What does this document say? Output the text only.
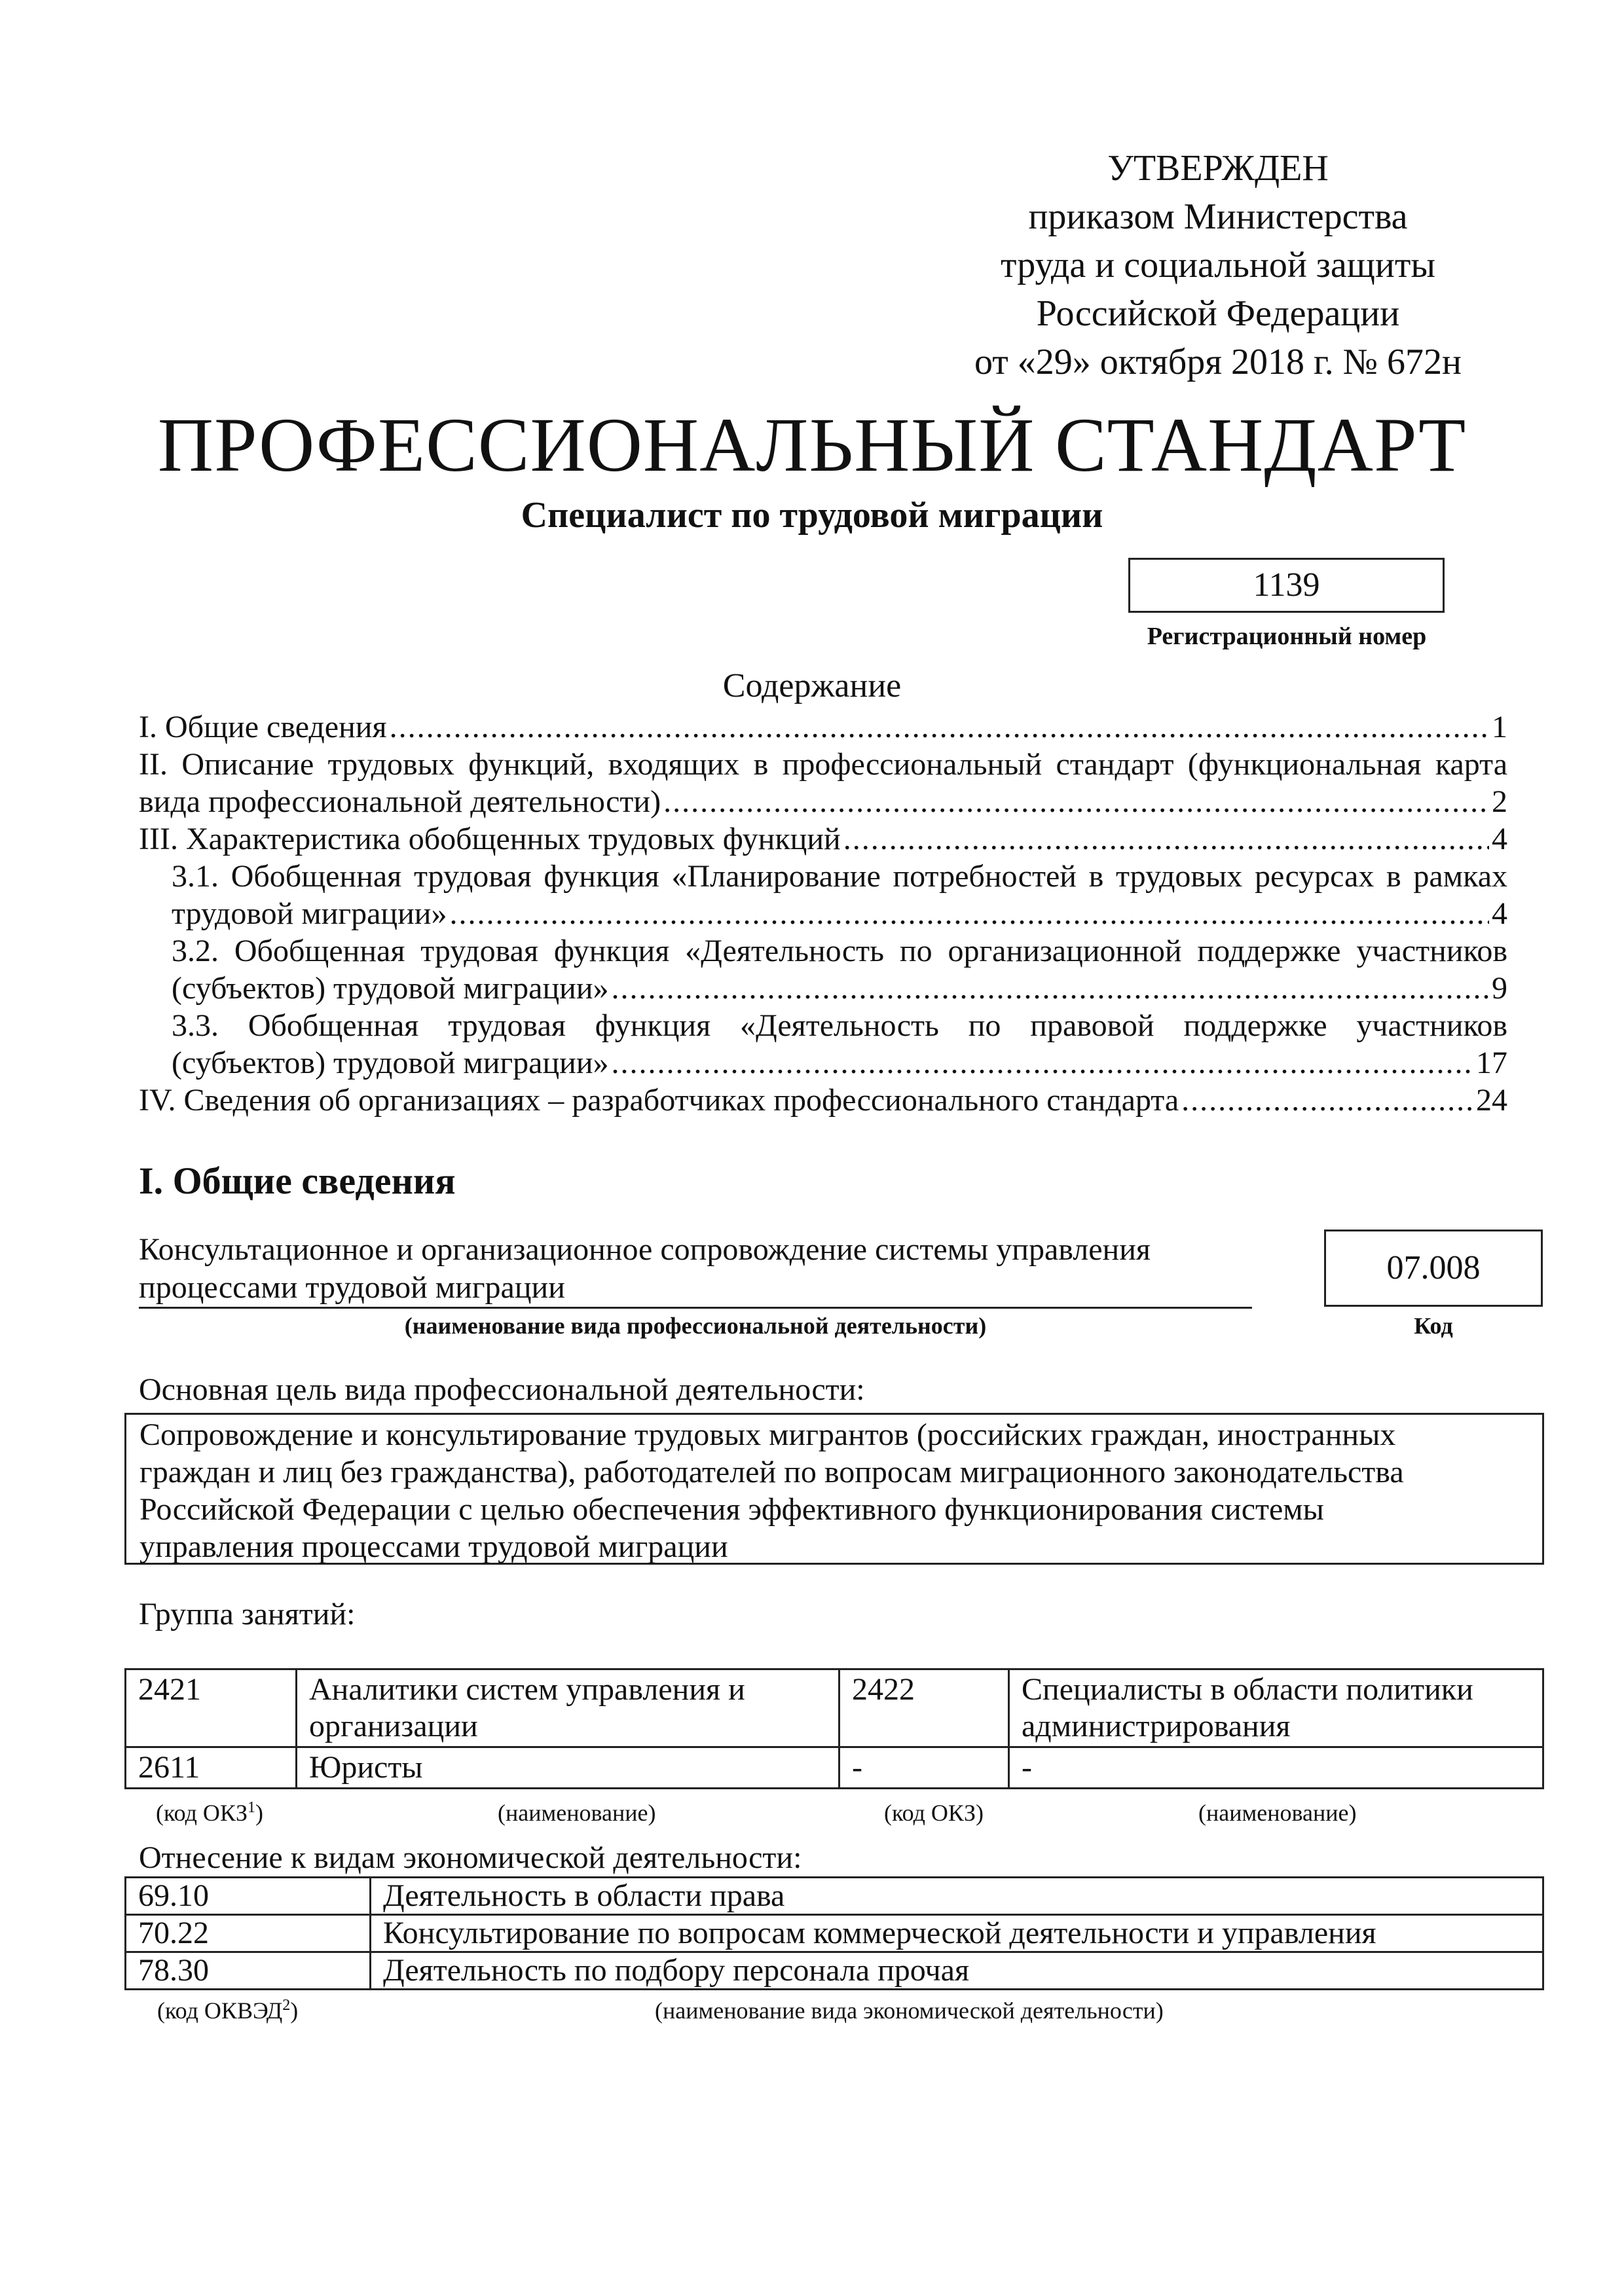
УТВЕРЖДЕН
приказом Министерства
труда и социальной защиты
Российской Федерации
от «29» октября 2018 г. № 672н
ПРОФЕССИОНАЛЬНЫЙ СТАНДАРТ
Специалист по трудовой миграции
1139
Регистрационный номер
Содержание
I. Общие сведения .....	1
II. Описание трудовых функций, входящих в профессиональный стандарт (функциональная карта
вида профессиональной деятельности) .....	2
III. Характеристика обобщенных трудовых функций .....	4
3.1. Обобщенная трудовая функция «Планирование потребностей в трудовых ресурсах в рамках
трудовой миграции» .....	4
3.2. Обобщенная трудовая функция «Деятельность по организационной поддержке участников
(субъектов) трудовой миграции» .....	9
3.3. Обобщенная трудовая функция «Деятельность по правовой поддержке участников
(субъектов) трудовой миграции» .....	17
IV. Сведения об организациях – разработчиках профессионального стандарта .....	24
I. Общие сведения
Консультационное и организационное сопровождение системы управления
процессами трудовой миграции
(наименование вида профессиональной деятельности)
07.008
Код
Основная цель вида профессиональной деятельности:
Сопровождение и консультирование трудовых мигрантов (российских граждан, иностранных
граждан и лиц без гражданства), работодателей по вопросам миграционного законодательства
Российской Федерации с целью обеспечения эффективного функционирования системы
управления процессами трудовой миграции
Группа занятий:
2421	Аналитики систем управления и организации	2422	Специалисты в области политики администрирования
2611	Юристы	-	-
(код ОКЗ$^1$)	(наименование)	(код ОКЗ)	(наименование)
Отнесение к видам экономической деятельности:
69.10	Деятельность в области права
70.22	Консультирование по вопросам коммерческой деятельности и управления
78.30	Деятельность по подбору персонала прочая
(код ОКВЭД$^2$)	(наименование вида экономической деятельности)
